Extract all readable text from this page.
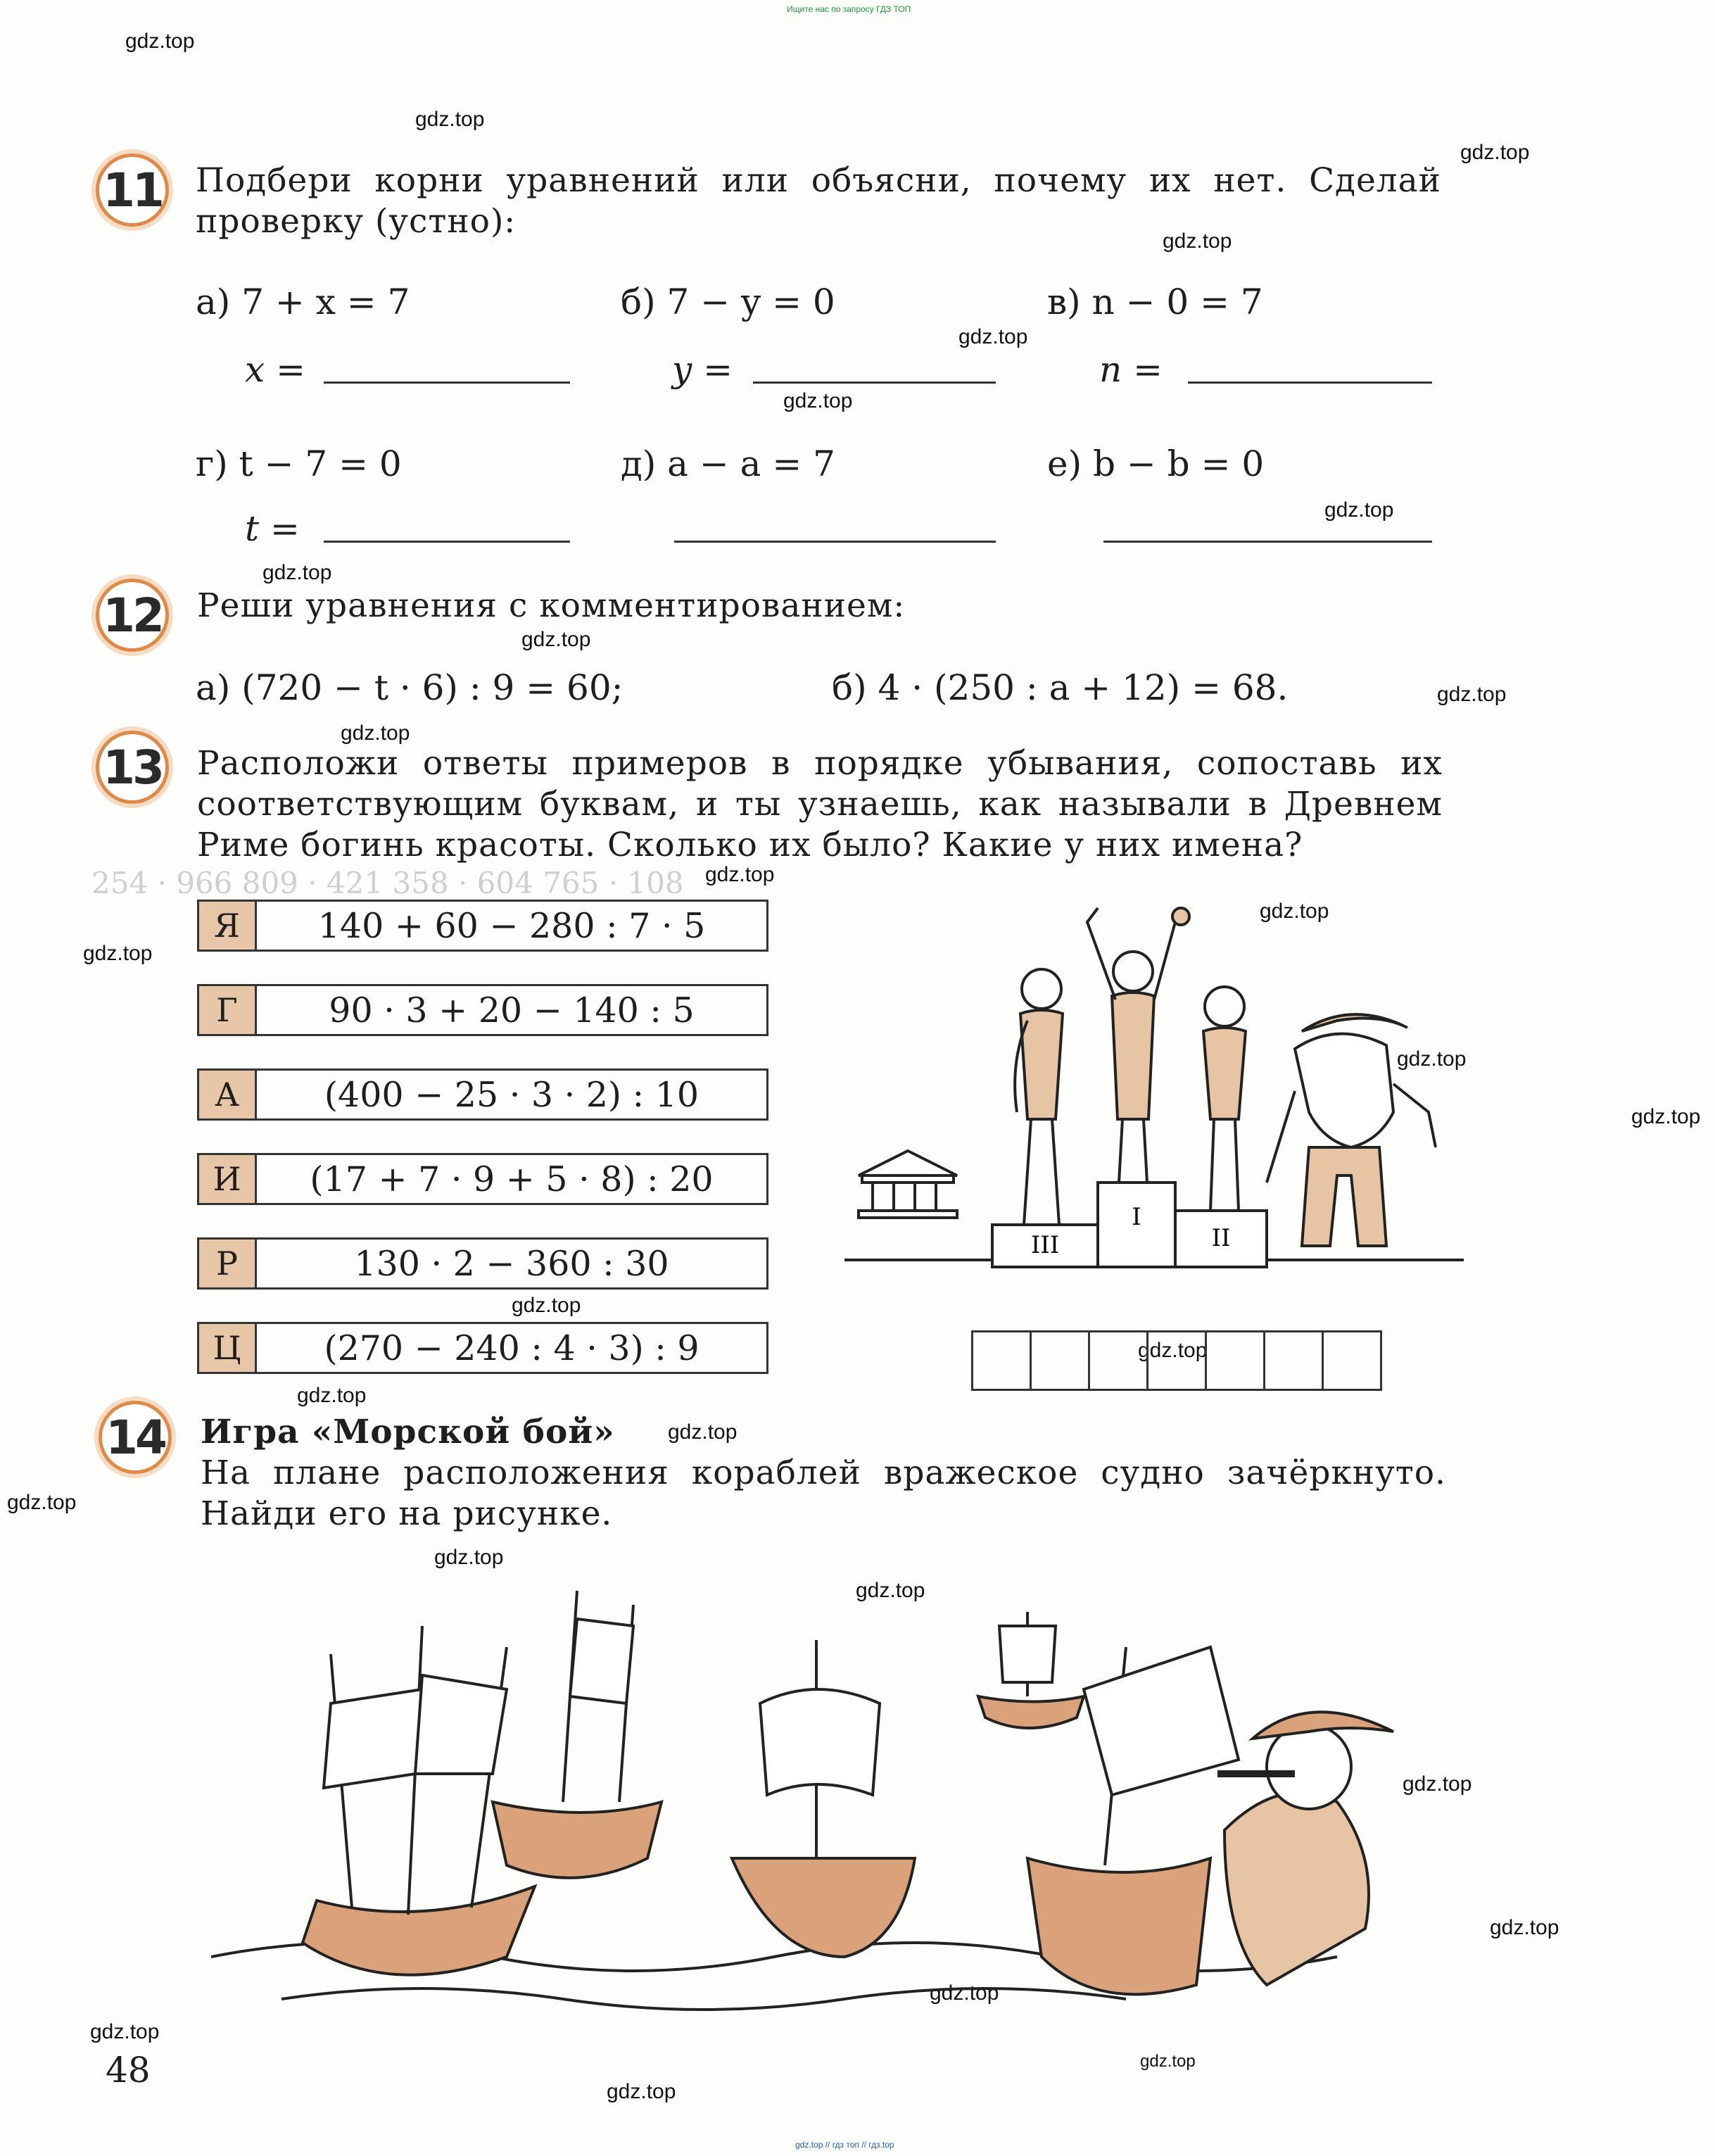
Ищите нас по запросу ГДЗ ТОП
254 · 966 809 · 421 358 · 604 765 · 108
gdz.top
gdz.top
gdz.top
gdz.top
gdz.top
gdz.top
gdz.top
gdz.top
gdz.top
gdz.top
gdz.top
gdz.top
gdz.top
gdz.top
gdz.top
gdz.top
gdz.top
gdz.top
gdz.top
gdz.top
gdz.top
gdz.top
gdz.top
gdz.top
gdz.top
gdz.top
gdz.top
gdz.top
gdz.top
11 Подбери корни уравнений или объясни, почему их нет. Сделай
проверку (устно):
а) 7 + x = 7	б) 7 − y = 0	в) n − 0 = 7
x =	y =	n =
г) t − 7 = 0	д) a − a = 7	е) b − b = 0
t =
12 Реши уравнения с комментированием:
а) (720 − t · 6) : 9 = 60;	б) 4 · (250 : a + 12) = 68.
13 Расположи ответы примеров в порядке убывания, сопоставь их
соответствующим буквам, и ты узнаешь, как называли в Древнем
Риме богинь красоты. Сколько их было? Какие у них имена?
Я	140 + 60 − 280 : 7 · 5
Г	90 · 3 + 20 − 140 : 5
А	(400 − 25 · 3 · 2) : 10
И	(17 + 7 · 9 + 5 · 8) : 20
Р	130 · 2 − 360 : 30
Ц	(270 − 240 : 4 · 3) : 9
III
I
II
14 Игра «Морской бой»
На плане расположения кораблей вражеское судно зачёркнуто.
Найди его на рисунке.
48
gdz.top // гдз топ // гдз.top
